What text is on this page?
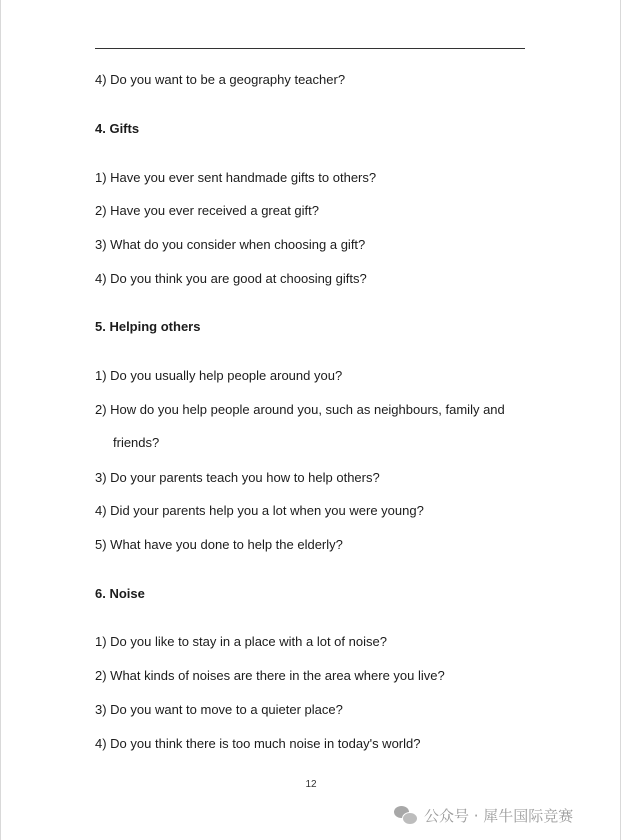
4) Do you want to be a geography teacher?
4. Gifts
1) Have you ever sent handmade gifts to others?
2) Have you ever received a great gift?
3) What do you consider when choosing a gift?
4) Do you think you are good at choosing gifts?
5. Helping others
1) Do you usually help people around you?
2) How do you help people around you, such as neighbours, family and
friends?
3) Do your parents teach you how to help others?
4) Did your parents help you a lot when you were young?
5) What have you done to help the elderly?
6. Noise
1) Do you like to stay in a place with a lot of noise?
2) What kinds of noises are there in the area where you live?
3) Do you want to move to a quieter place?
4) Do you think there is too much noise in today's world?
12
公众号 · 犀牛国际竞赛
